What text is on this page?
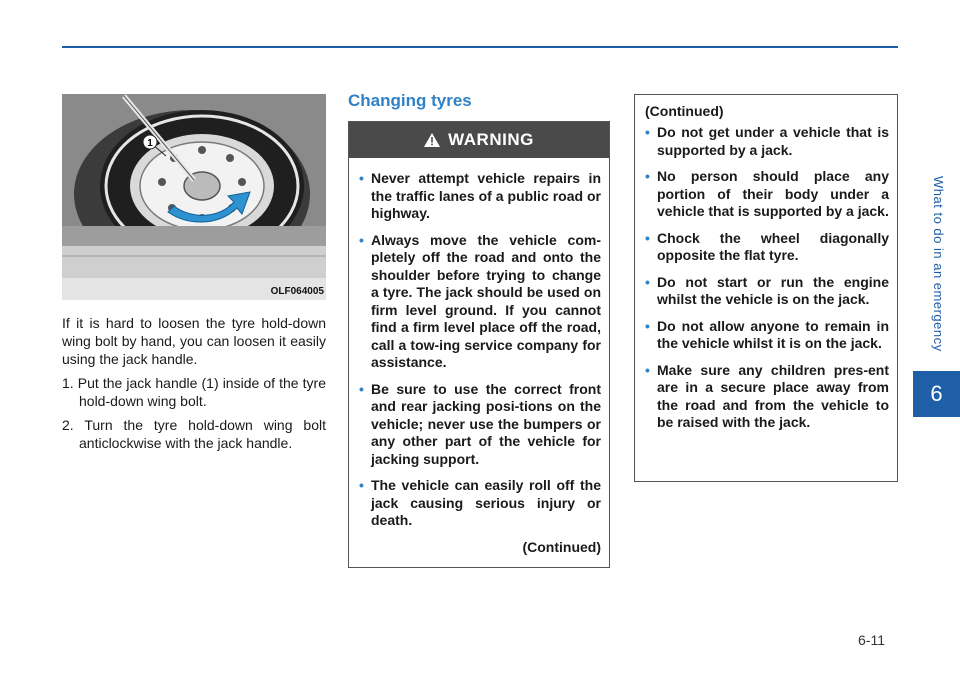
What to do in an emergency
6
1
OLF064005

If it is hard to loosen the tyre hold-down wing bolt by hand, you can loosen it easily using the jack handle.

1. Put the jack handle (1) inside of the tyre hold-down wing bolt.
2. Turn the tyre hold-down wing bolt anticlockwise with the jack handle.
Changing tyres
WARNING
• Never attempt vehicle repairs in the traffic lanes of a public road or highway.
• Always move the vehicle com-pletely off the road and onto the shoulder before trying to change a tyre. The jack should be used on firm level ground. If you cannot find a firm level place off the road, call a tow-ing service company for assistance.
• Be sure to use the correct front and rear jacking posi-tions on the vehicle; never use the bumpers or any other part of the vehicle for jacking support.
• The vehicle can easily roll off the jack causing serious injury or death.
(Continued)
(Continued)
• Do not get under a vehicle that is supported by a jack.
• No person should place any portion of their body under a vehicle that is supported by a jack.
• Chock the wheel diagonally opposite the flat tyre.
• Do not start or run the engine whilst the vehicle is on the jack.
• Do not allow anyone to remain in the vehicle whilst it is on the jack.
• Make sure any children pres-ent are in a secure place away from the road and from the vehicle to be raised with the jack.
6-11
